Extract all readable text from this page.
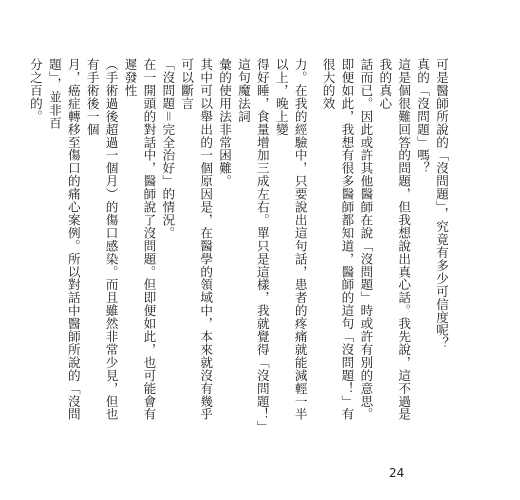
可是醫師所說的「沒問題」，究竟有多少可信度呢？

真的「沒問題」嗎？

這是個很難回答的問題，但我想說出真心話。我先說，這不過是我的真心

話而已。因此或許其他醫師在說「沒問題」時或許有別的意思。

即便如此，我想有很多醫師都知道，醫師的這句「沒問題！」有很大的效

力。在我的經驗中，只要說出這句話，患者的疼痛就能減輕一半以上，晚上變

得好睡，食量增加三成左右。單只是這樣，我就覺得「沒問題！」這句魔法詞

彙的使用法非常困難。

其中可以舉出的一個原因是，在醫學的領域中，本來就沒有幾乎可以斷言

「沒問題＝完全治好」的情況。

在一開頭的對話中，醫師說了沒問題。但即便如此，也可能會有遲發性

（手術過後超過一個月）的傷口感染。而且雖然非常少見，但也有手術後一個

月，癌症轉移至傷口的痛心案例。所以對話中醫師所說的「沒問題」，並非百

分之百的。

24
